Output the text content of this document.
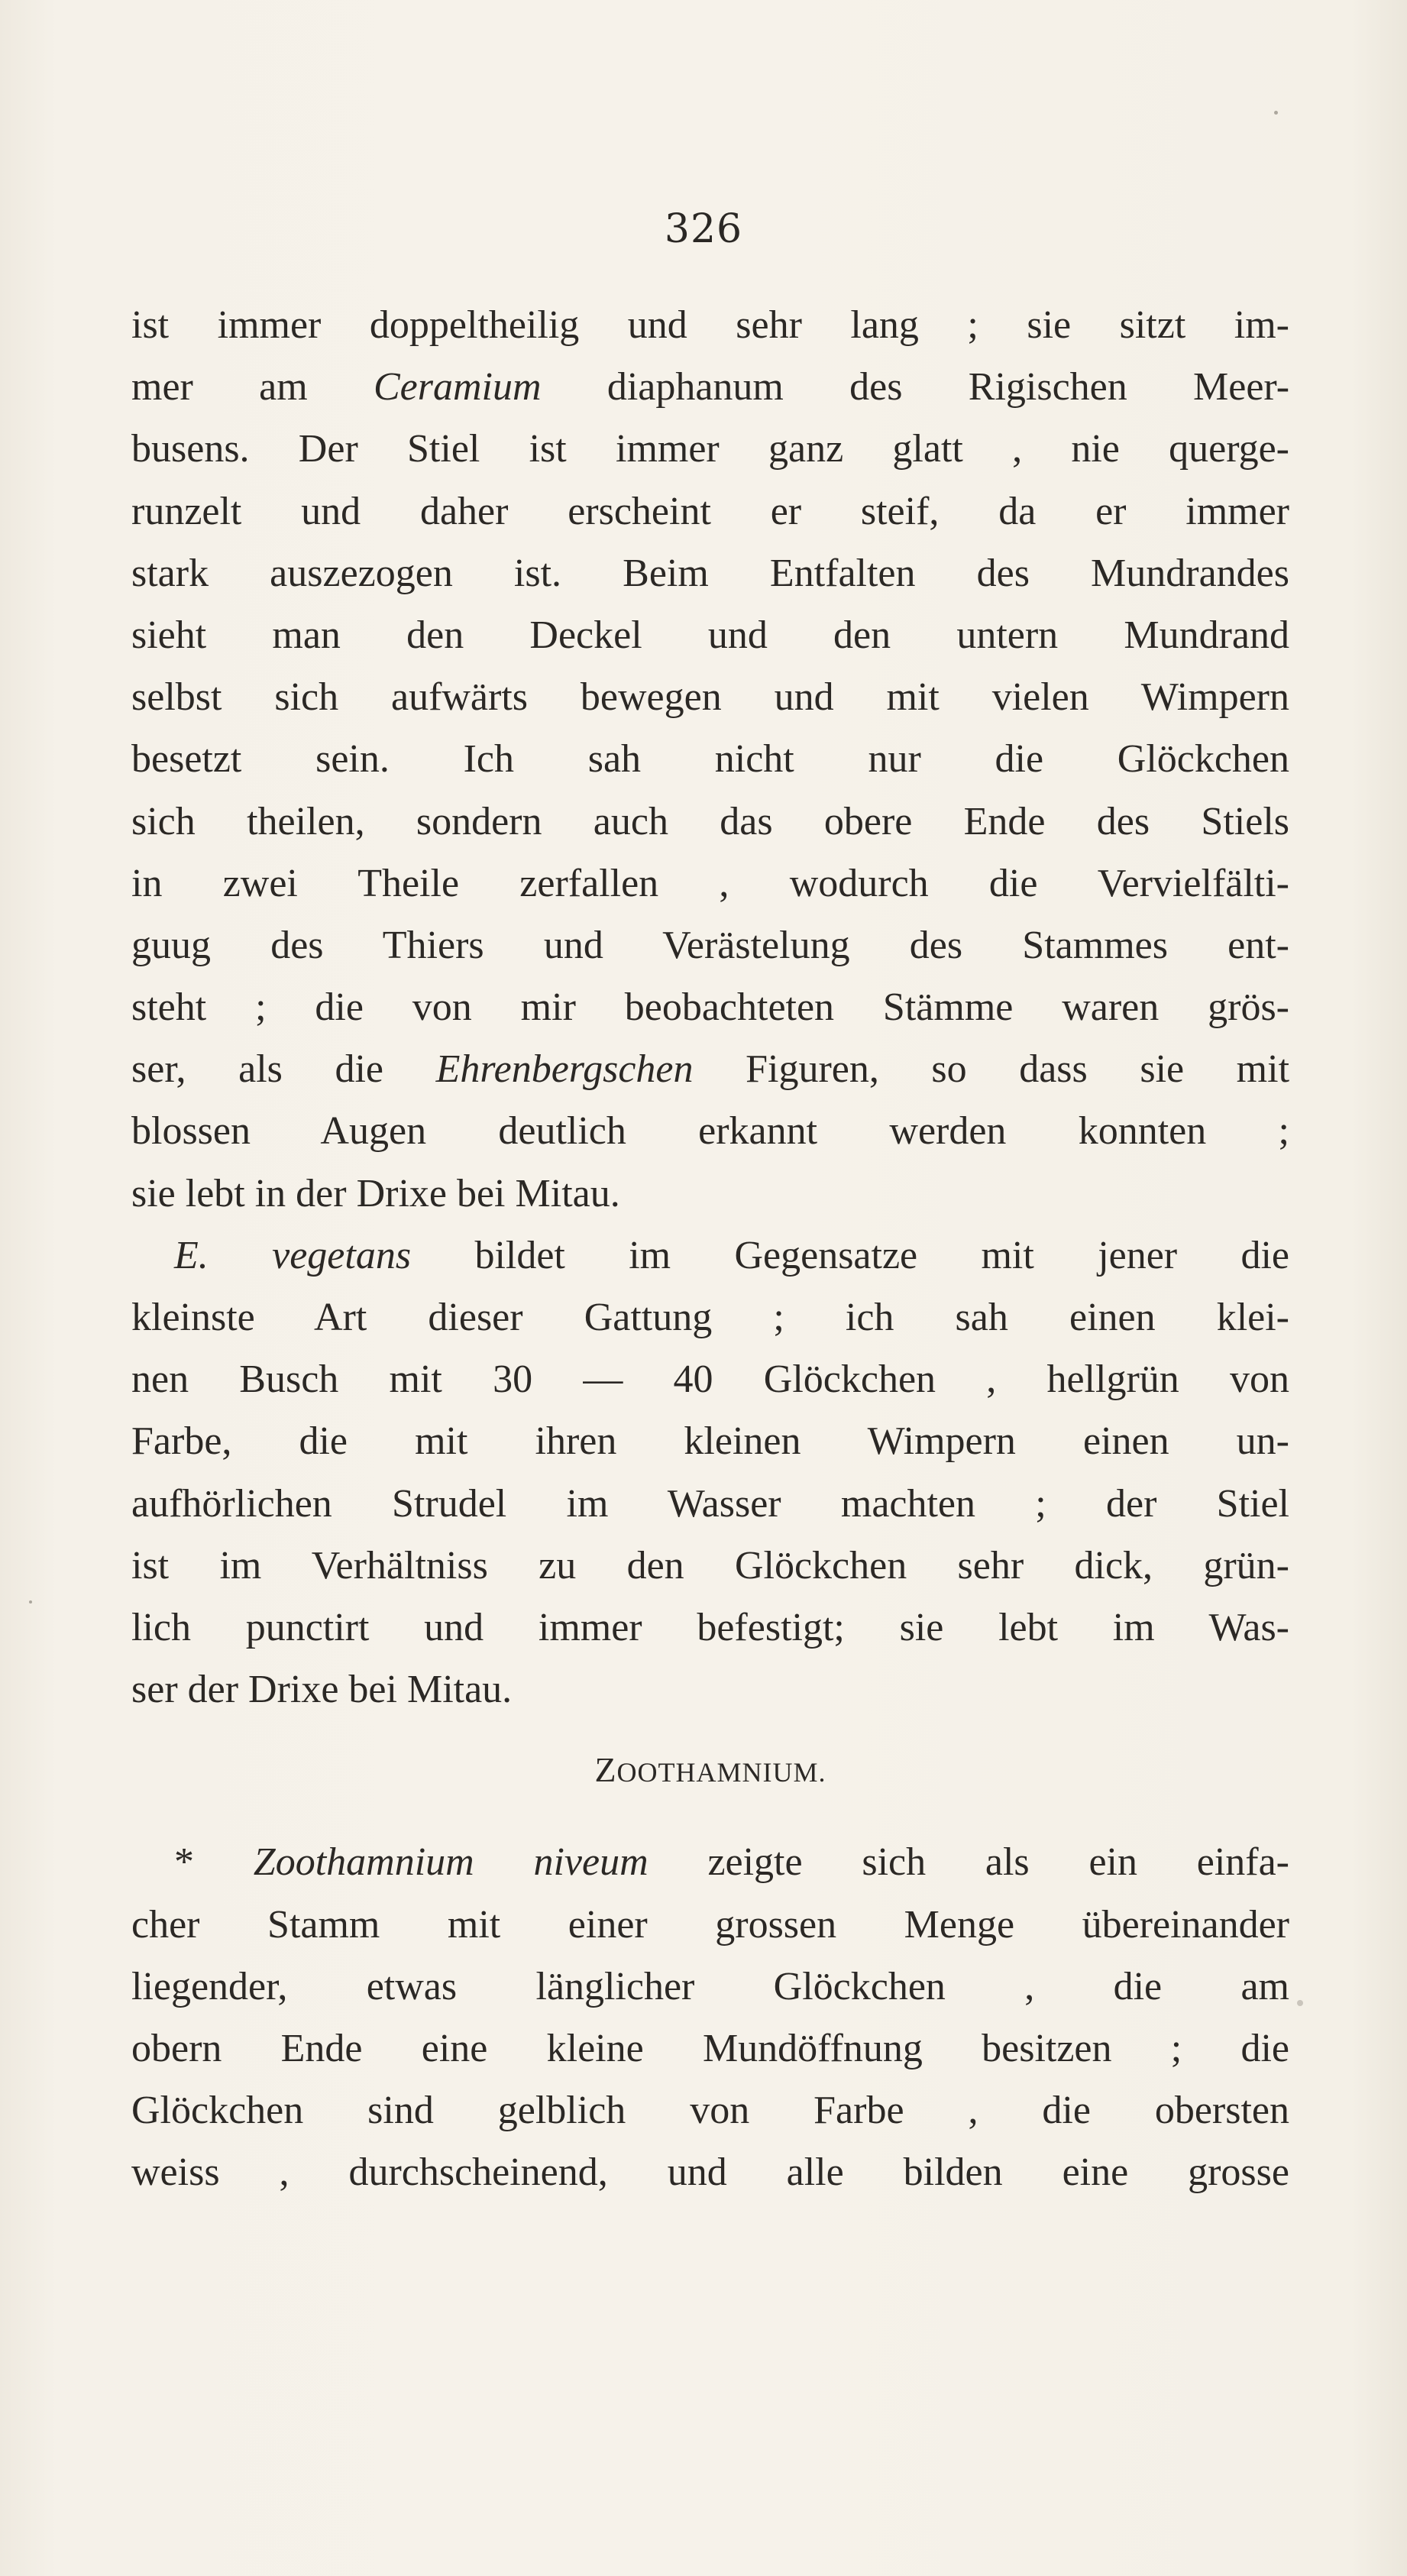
326
ist immer doppeltheilig und sehr lang ; sie sitzt im-
mer am Ceramium diaphanum des Rigischen Meer-
busens. Der Stiel ist immer ganz glatt , nie querge-
runzelt und daher erscheint er steif, da er immer
stark auszezogen ist. Beim Entfalten des Mundrandes
sieht man den Deckel und den untern Mundrand
selbst sich aufwärts bewegen und mit vielen Wimpern
besetzt sein. Ich sah nicht nur die Glöckchen
sich theilen, sondern auch das obere Ende des Stiels
in zwei Theile zerfallen , wodurch die Vervielfälti-
guug des Thiers und Verästelung des Stammes ent-
steht ; die von mir beobachteten Stämme waren grös-
ser, als die Ehrenbergschen Figuren, so dass sie mit
blossen Augen deutlich erkannt werden konnten ;
sie lebt in der Drixe bei Mitau.
E. vegetans bildet im Gegensatze mit jener die
kleinste Art dieser Gattung ; ich sah einen klei-
nen Busch mit 30 — 40 Glöckchen , hellgrün von
Farbe, die mit ihren kleinen Wimpern einen un-
aufhörlichen Strudel im Wasser machten ; der Stiel
ist im Verhältniss zu den Glöckchen sehr dick, grün-
lich punctirt und immer befestigt; sie lebt im Was-
ser der Drixe bei Mitau.
ZOOTHAMNIUM.
* Zoothamnium niveum zeigte sich als ein einfa-
cher Stamm mit einer grossen Menge übereinander
liegender, etwas länglicher Glöckchen , die am
obern Ende eine kleine Mundöffnung besitzen ; die
Glöckchen sind gelblich von Farbe , die obersten
weiss , durchscheinend, und alle bilden eine grosse
